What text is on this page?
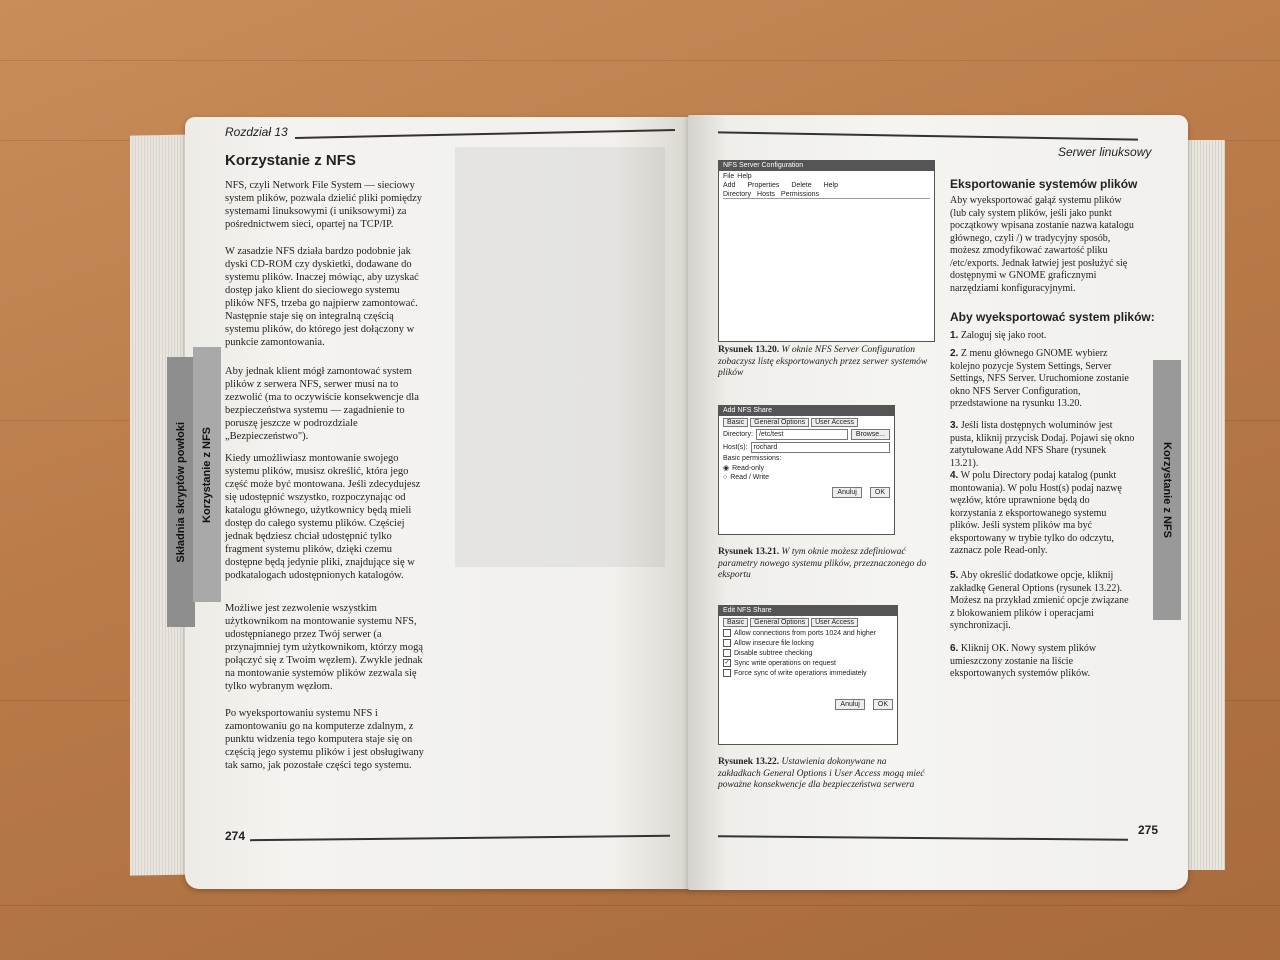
Rozdział 13
Korzystanie z NFS
NFS, czyli Network File System — sieciowy system plików, pozwala dzielić pliki pomiędzy systemami linuksowymi (i uniksowymi) za pośrednictwem sieci, opartej na TCP/IP.
W zasadzie NFS działa bardzo podobnie jak dyski CD-ROM czy dyskietki, dodawane do systemu plików. Inaczej mówiąc, aby uzyskać dostęp jako klient do sieciowego systemu plików NFS, trzeba go najpierw zamontować. Następnie staje się on integralną częścią systemu plików, do którego jest dołączony w punkcie zamontowania.
Aby jednak klient mógł zamontować system plików z serwera NFS, serwer musi na to zezwolić (ma to oczywiście konsekwencje dla bezpieczeństwa systemu — zagadnienie to poruszę jeszcze w podrozdziale „Bezpieczeństwo").
Kiedy umożliwiasz montowanie swojego systemu plików, musisz określić, która jego część może być montowana. Jeśli zdecydujesz się udostępnić wszystko, rozpoczynając od katalogu głównego, użytkownicy będą mieli dostęp do całego systemu plików. Częściej jednak będziesz chciał udostępnić tylko fragment systemu plików, dzięki czemu dostępne będą jedynie pliki, znajdujące się w podkatalogach udostępnionych katalogów.
Możliwe jest zezwolenie wszystkim użytkownikom na montowanie systemu NFS, udostępnianego przez Twój serwer (a przynajmniej tym użytkownikom, którzy mogą połączyć się z Twoim węzłem). Zwykle jednak na montowanie systemów plików zezwala się tylko wybranym węzłom.
Po wyeksportowaniu systemu NFS i zamontowaniu go na komputerze zdalnym, z punktu widzenia tego komputera staje się on częścią jego systemu plików i jest obsługiwany tak samo, jak pozostałe części tego systemu.
Składnia skryptów powłoki Korzystanie z NFS
274
Serwer linuksowy
NFS Server Configuration
File Help
Add Properties Delete Help
Directory Hosts Permissions
Rysunek 13.20. W oknie NFS Server Configuration zobaczysz listę eksportowanych przez serwer systemów plików
Add NFS Share
Basic	General Options	User Access
Directory: /etc/test	Browse...
Host(s): rochard
Basic permissions:
◉ Read-only
○ Read / Write
Anuluj	OK
Rysunek 13.21. W tym oknie możesz zdefiniować parametry nowego systemu plików, przeznaczonego do eksportu
Edit NFS Share
Basic	General Options	User Access
Allow connections from ports 1024 and higher
Allow insecure file locking
Disable subtree checking
✓ Sync write operations on request
Force sync of write operations immediately
Anuluj	OK
Rysunek 13.22. Ustawienia dokonywane na zakładkach General Options i User Access mogą mieć poważne konsekwencje dla bezpieczeństwa serwera
Eksportowanie systemów plików
Aby wyeksportować gałąź systemu plików (lub cały system plików, jeśli jako punkt początkowy wpisana zostanie nazwa katalogu głównego, czyli /) w tradycyjny sposób, możesz zmodyfikować zawartość pliku /etc/exports. Jednak łatwiej jest posłużyć się dostępnymi w GNOME graficznymi narzędziami konfiguracyjnymi.
Aby wyeksportować system plików:
1. Zaloguj się jako root.
2. Z menu głównego GNOME wybierz kolejno pozycje System Settings, Server Settings, NFS Server. Uruchomione zostanie okno NFS Server Configuration, przedstawione na rysunku 13.20.
3. Jeśli lista dostępnych woluminów jest pusta, kliknij przycisk Dodaj. Pojawi się okno zatytułowane Add NFS Share (rysunek 13.21).
4. W polu Directory podaj katalog (punkt montowania). W polu Host(s) podaj nazwę węzłów, które uprawnione będą do korzystania z eksportowanego systemu plików. Jeśli system plików ma być eksportowany w trybie tylko do odczytu, zaznacz pole Read-only.
5. Aby określić dodatkowe opcje, kliknij zakładkę General Options (rysunek 13.22). Możesz na przykład zmienić opcje związane z blokowaniem plików i operacjami synchronizacji.
6. Kliknij OK. Nowy system plików umieszczony zostanie na liście eksportowanych systemów plików.
Korzystanie z NFS
275
